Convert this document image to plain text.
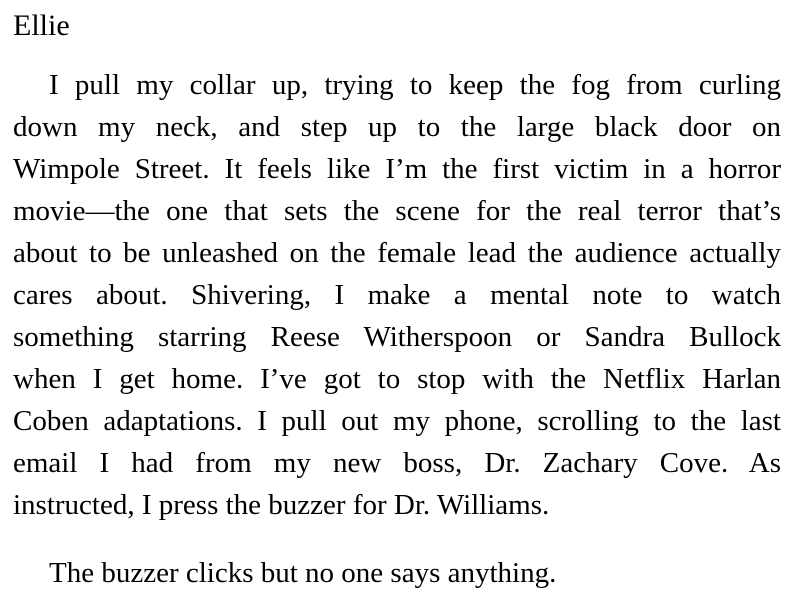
Ellie
I pull my collar up, trying to keep the fog from curling
down my neck, and step up to the large black door on
Wimpole Street. It feels like I’m the first victim in a horror
movie—the one that sets the scene for the real terror that’s
about to be unleashed on the female lead the audience actually
cares about. Shivering, I make a mental note to watch
something starring Reese Witherspoon or Sandra Bullock
when I get home. I’ve got to stop with the Netflix Harlan
Coben adaptations. I pull out my phone, scrolling to the last
email I had from my new boss, Dr. Zachary Cove. As
instructed, I press the buzzer for Dr. Williams.
The buzzer clicks but no one says anything.
